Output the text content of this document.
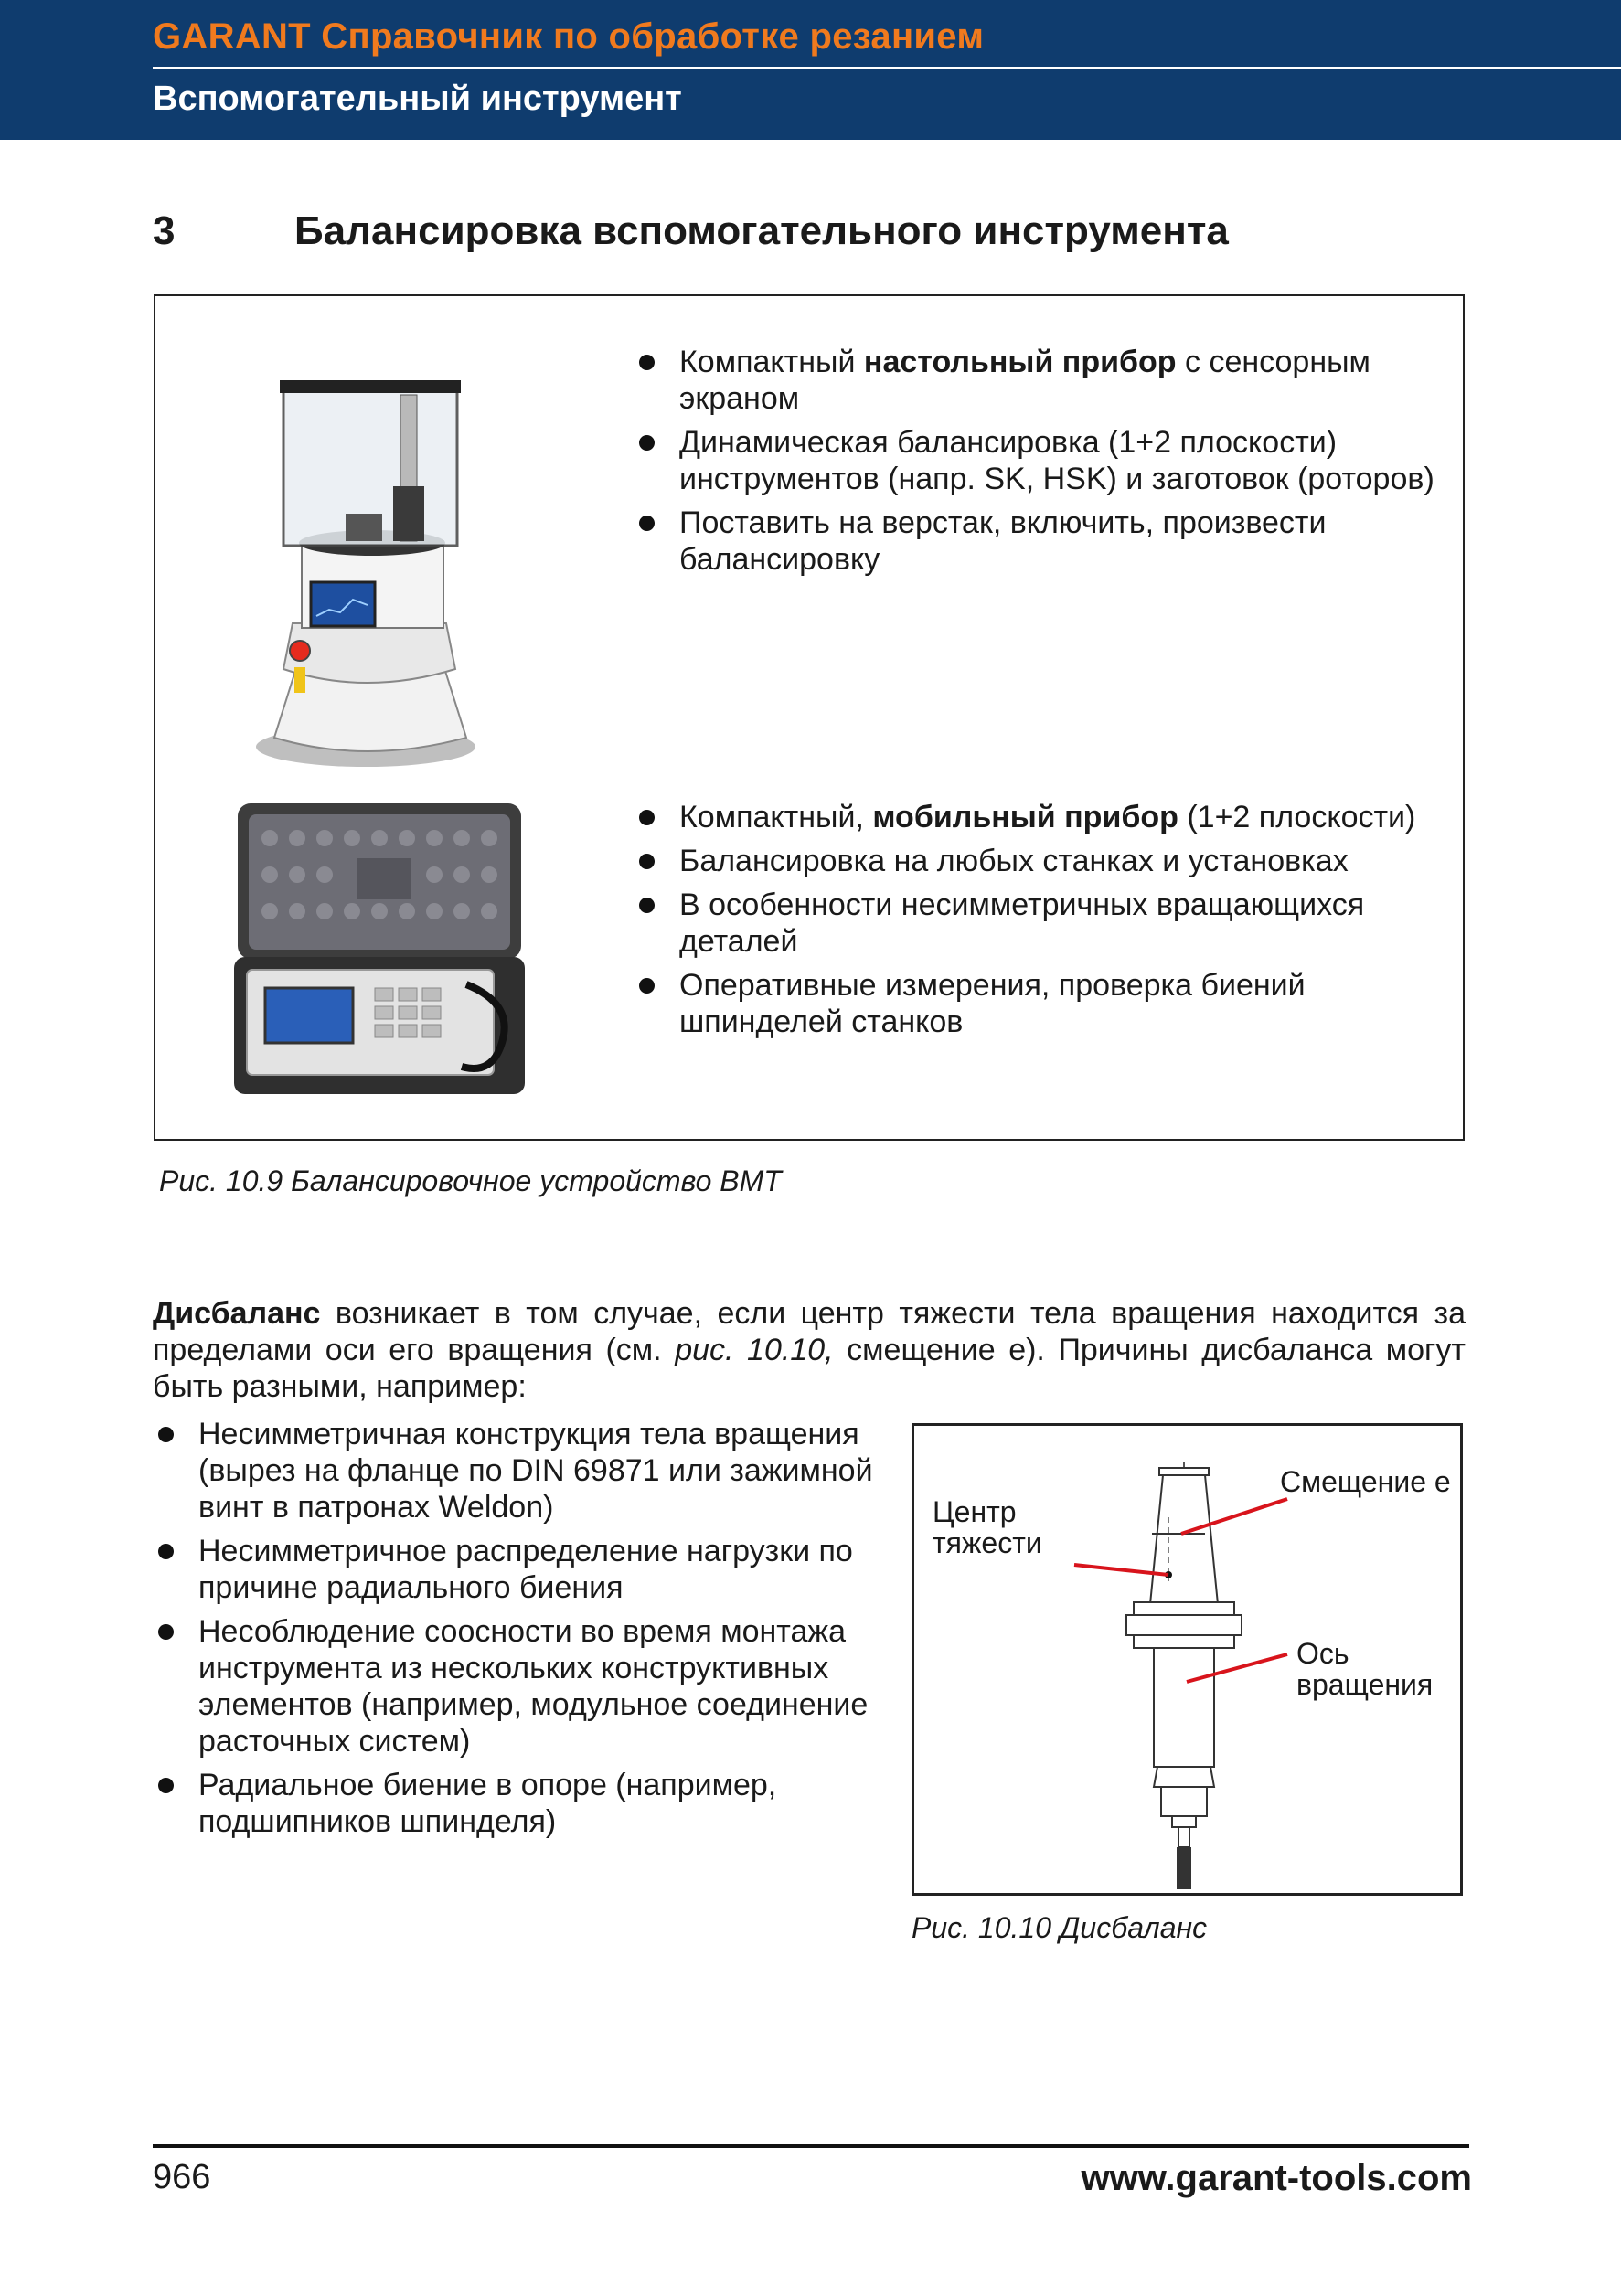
GARANT Справочник по обработке резанием
Вспомогательный инструмент
3	Балансировка вспомогательного инструмента
Компактный настольный прибор с сенсорным экраном
Динамическая балансировка (1+2 плоскости) инструментов (напр. SK, HSK) и заготовок (роторов)
Поставить на верстак, включить, произвести балансировку
Компактный, мобильный прибор (1+2 плоскости)
Балансировка на любых станках и установках
В особенности несимметричных вращающихся деталей
Оперативные измерения, проверка биений шпинделей станков
Рис. 10.9 Балансировочное устройство BMT

Дисбаланс возникает в том случае, если центр тяжести тела вращения находится за пределами оси его вращения (см. рис. 10.10, смещение е). Причины дисбаланса могут быть разными, например:

Несимметричная конструкция тела вращения (вырез на фланце по DIN 69871 или зажимной винт в патронах Weldon)
Несимметричное распределение нагрузки по причине радиального биения
Несоблюдение соосности во время монтажа инструмента из нескольких конструктивных элементов (например, модульное соединение расточных систем)
Радиальное биение в опоре (например, подшипников шпинделя)
Центр
тяжести
Смещение е
Ось
вращения
Рис. 10.10 Дисбаланс
966	www.garant-tools.com
